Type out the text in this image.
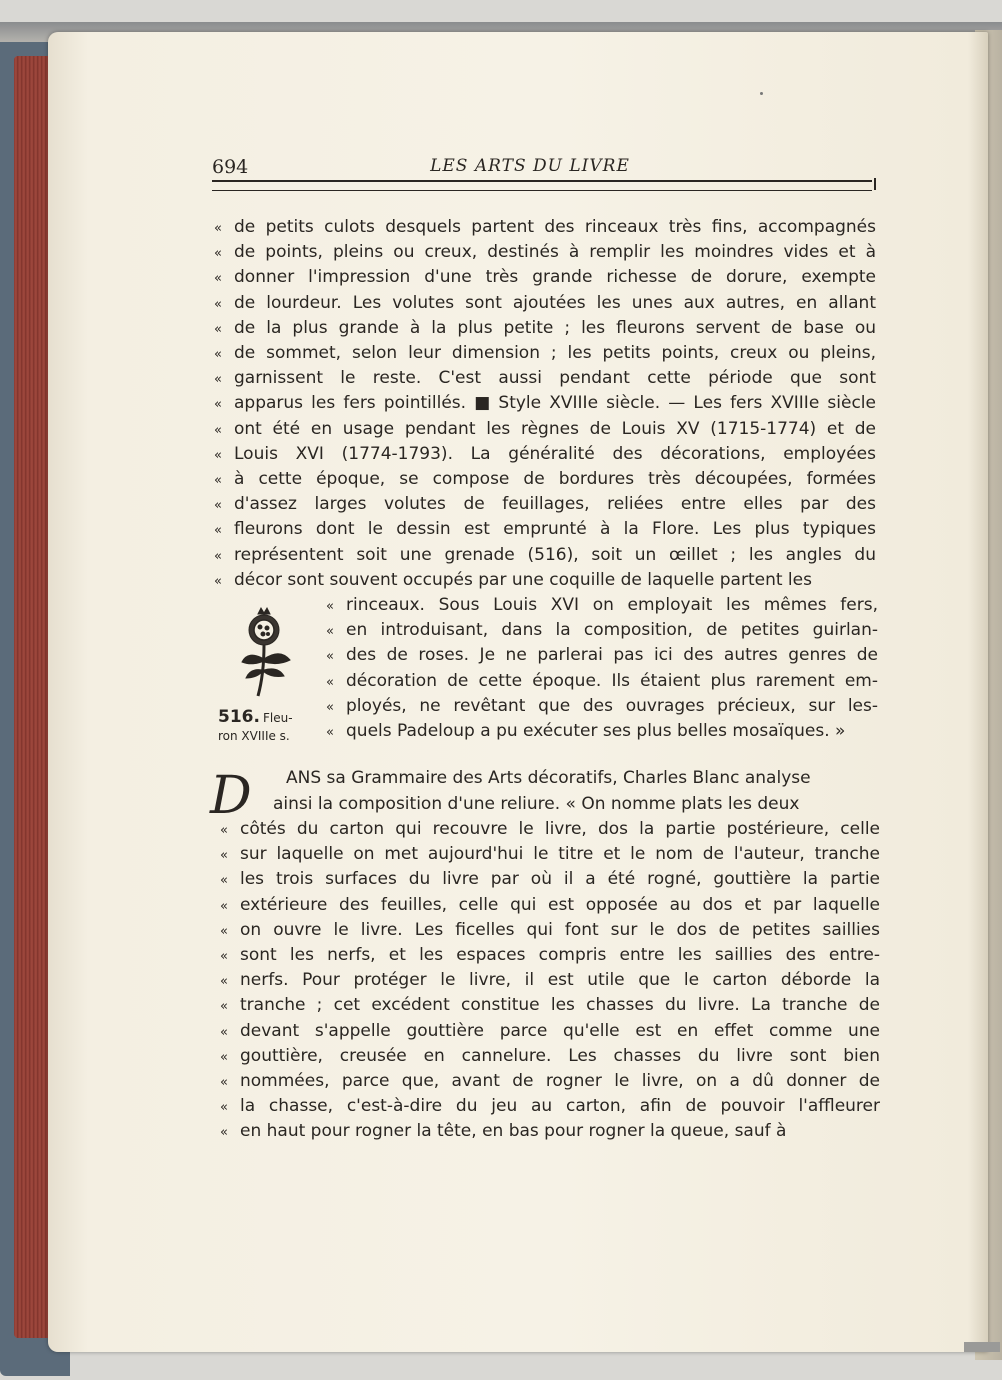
694	LES ARTS DU LIVRE
« de petits culots desquels partent des rinceaux très fins, accompagnés
« de points, pleins ou creux, destinés à remplir les moindres vides et à
« donner l'impression d'une très grande richesse de dorure, exempte
« de lourdeur. Les volutes sont ajoutées les unes aux autres, en allant
« de la plus grande à la plus petite ; les fleurons servent de base ou
« de sommet, selon leur dimension ; les petits points, creux ou pleins,
« garnissent le reste. C'est aussi pendant cette période que sont
« apparus les fers pointillés. ■ Style XVIIIe siècle. — Les fers XVIIIe siècle
« ont été en usage pendant les règnes de Louis XV (1715-1774) et de
« Louis XVI (1774-1793). La généralité des décorations, employées
« à cette époque, se compose de bordures très découpées, formées
« d'assez larges volutes de feuillages, reliées entre elles par des
« fleurons dont le dessin est emprunté à la Flore. Les plus typiques
« représentent soit une grenade (516), soit un œillet ; les angles du
« décor sont souvent occupés par une coquille de laquelle partent les
« rinceaux. Sous Louis XVI on employait les mêmes fers,
« en introduisant, dans la composition, de petites guirlan-
« des de roses. Je ne parlerai pas ici des autres genres de
« décoration de cette époque. Ils étaient plus rarement em-
« ployés, ne revêtant que des ouvrages précieux, sur les-
« quels Padeloup a pu exécuter ses plus belles mosaïques. »
516. Fleu-
ron XVIIIe s.
D ANS sa Grammaire des Arts décoratifs, Charles Blanc analyse
ainsi la composition d'une reliure. « On nomme plats les deux
« côtés du carton qui recouvre le livre, dos la partie postérieure, celle
« sur laquelle on met aujourd'hui le titre et le nom de l'auteur, tranche
« les trois surfaces du livre par où il a été rogné, gouttière la partie
« extérieure des feuilles, celle qui est opposée au dos et par laquelle
« on ouvre le livre. Les ficelles qui font sur le dos de petites saillies
« sont les nerfs, et les espaces compris entre les saillies des entre-
« nerfs. Pour protéger le livre, il est utile que le carton déborde la
« tranche ; cet excédent constitue les chasses du livre. La tranche de
« devant s'appelle gouttière parce qu'elle est en effet comme une
« gouttière, creusée en cannelure. Les chasses du livre sont bien
« nommées, parce que, avant de rogner le livre, on a dû donner de
« la chasse, c'est-à-dire du jeu au carton, afin de pouvoir l'affleurer
« en haut pour rogner la tête, en bas pour rogner la queue, sauf à
